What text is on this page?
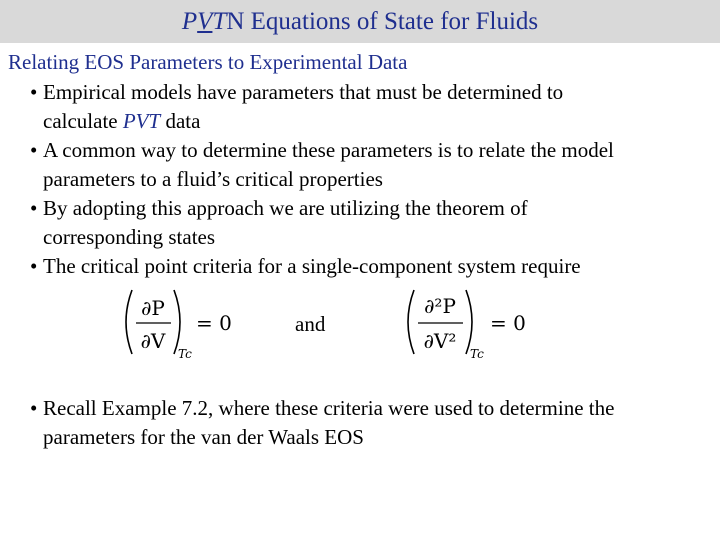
PVTN Equations of State for Fluids
Relating EOS Parameters to Experimental Data
• Empirical models have parameters that must be determined to
calculate PVT data
• A common way to determine these parameters is to relate the model
parameters to a fluid’s critical properties
• By adopting this approach we are utilizing the theorem of
corresponding states
• The critical point criteria for a single-component system require
∂P
∂V
Tc
= 0
∂²P
∂V²
Tc
= 0
and
• Recall Example 7.2, where these criteria were used to determine the
parameters for the van der Waals EOS
